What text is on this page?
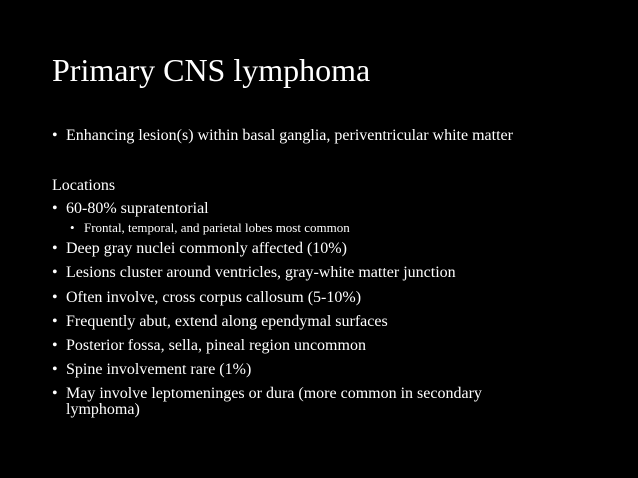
Primary CNS lymphoma
• Enhancing lesion(s) within basal ganglia, periventricular white matter
Locations
• 60-80% supratentorial
• Frontal, temporal, and parietal lobes most common
• Deep gray nuclei commonly affected (10%)
• Lesions cluster around ventricles, gray-white matter junction
• Often involve, cross corpus callosum (5-10%)
• Frequently abut, extend along ependymal surfaces
• Posterior fossa, sella, pineal region uncommon
• Spine involvement rare (1%)
• May involve leptomeninges or dura (more common in secondary
lymphoma)
